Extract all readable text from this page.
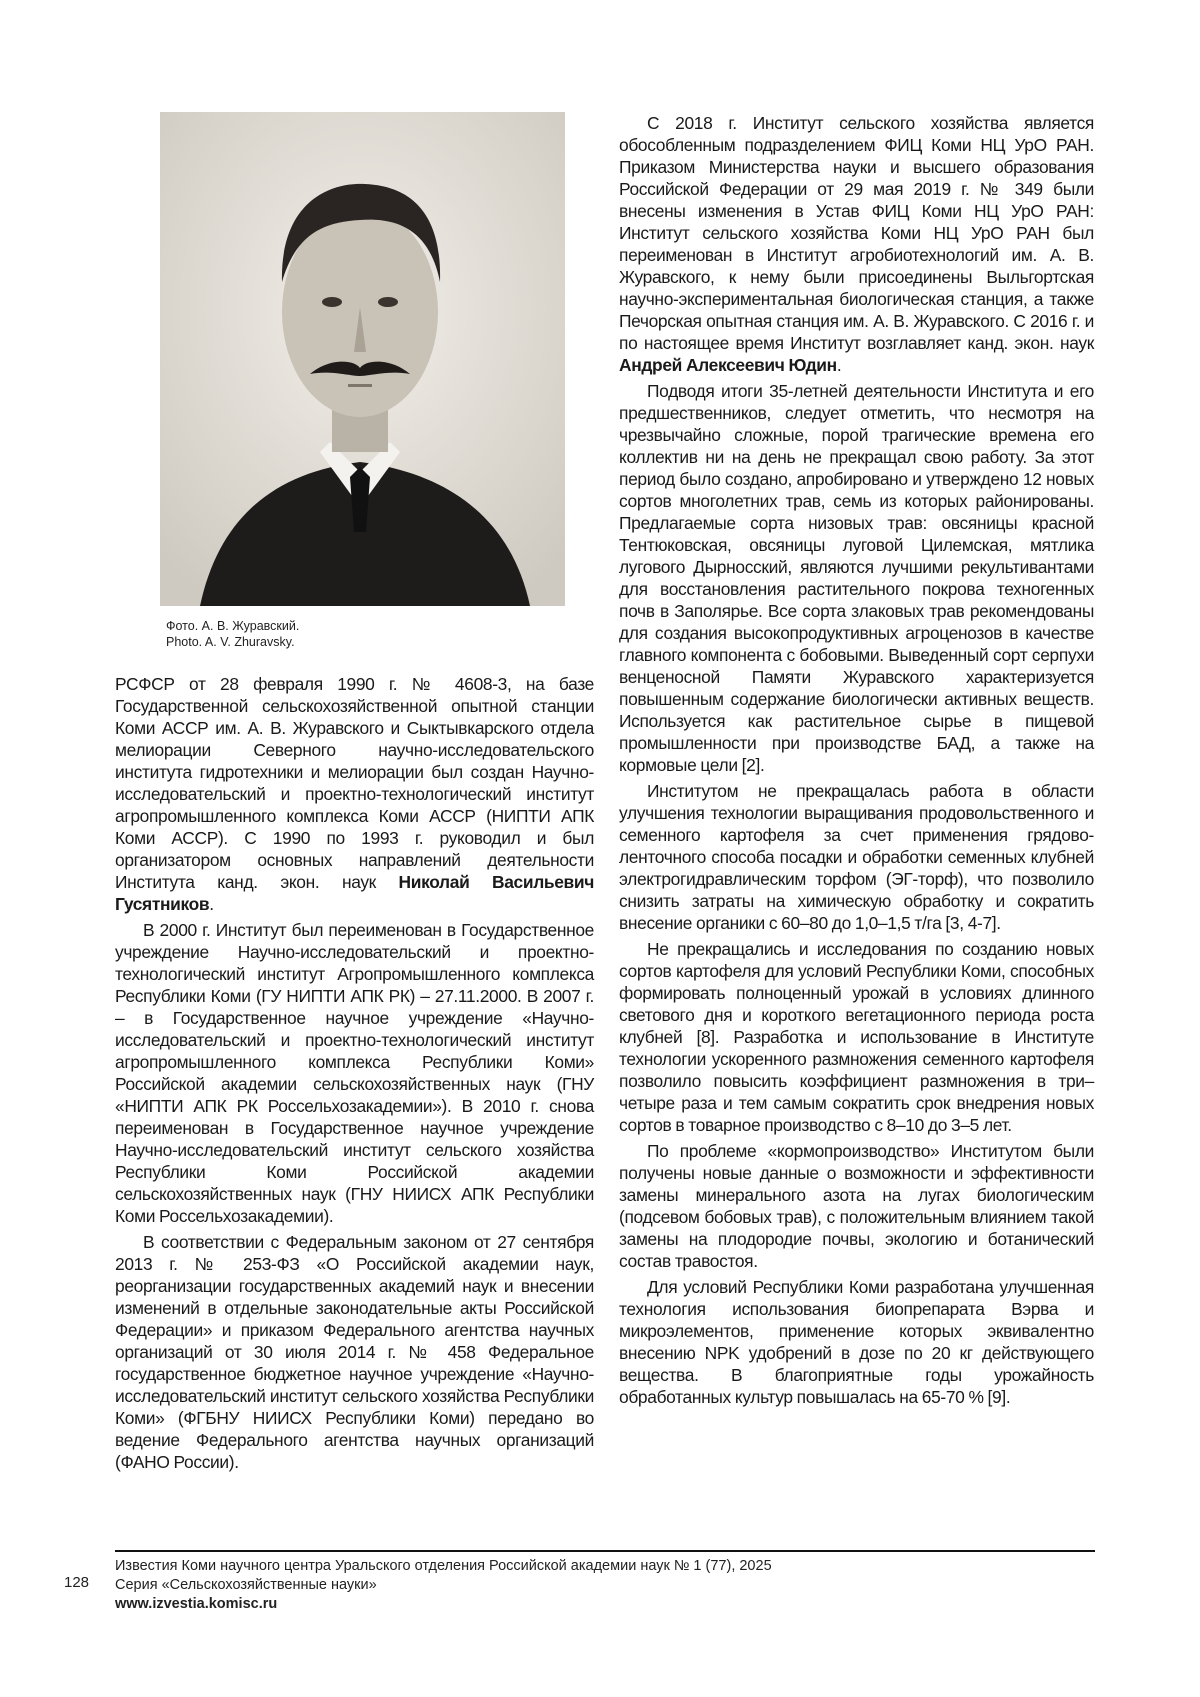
Фото. А. В. Журавский.
Photo. A. V. Zhuravsky.

РСФСР от 28 февраля 1990 г. № 4608-3, на базе Государственной сельскохозяйственной опытной станции Коми АССР им. А. В. Журавского и Сыктывкарского отдела мелиорации Северного научно-исследовательского института гидротехники и мелиорации был создан Научно-исследовательский и проектно-технологический институт агропромышленного комплекса Коми АССР (НИПТИ АПК Коми АССР). С 1990 по 1993 г. руководил и был организатором основных направлений деятельности Института канд. экон. наук Николай Васильевич Гусятников.

В 2000 г. Институт был переименован в Государственное учреждение Научно-исследовательский и проектно-технологический институт Агропромышленного комплекса Республики Коми (ГУ НИПТИ АПК РК) – 27.11.2000. В 2007 г. – в Государственное научное учреждение «Научно-исследовательский и проектно-технологический институт агропромышленного комплекса Республики Коми» Российской академии сельскохозяйственных наук (ГНУ «НИПТИ АПК РК Россельхозакадемии»). В 2010 г. снова переименован в Государственное научное учреждение Научно-исследовательский институт сельского хозяйства Республики Коми Российской академии сельскохозяйственных наук (ГНУ НИИСХ АПК Республики Коми Россельхозакадемии).

В соответствии с Федеральным законом от 27 сентября 2013 г. № 253-ФЗ «О Российской академии наук, реорганизации государственных академий наук и внесении изменений в отдельные законодательные акты Российской Федерации» и приказом Федерального агентства научных организаций от 30 июля 2014 г. № 458 Федеральное государственное бюджетное научное учреждение «Научно-исследовательский институт сельского хозяйства Республики Коми» (ФГБНУ НИИСХ Республики Коми) передано во ведение Федерального агентства научных организаций (ФАНО России).

С 2018 г. Институт сельского хозяйства является обособленным подразделением ФИЦ Коми НЦ УрО РАН. Приказом Министерства науки и высшего образования Российской Федерации от 29 мая 2019 г. № 349 были внесены изменения в Устав ФИЦ Коми НЦ УрО РАН: Институт сельского хозяйства Коми НЦ УрО РАН был переименован в Институт агробиотехнологий им. А. В. Журавского, к нему были присоединены Выльгортская научно-экспериментальная биологическая станция, а также Печорская опытная станция им. А. В. Журавского. С 2016 г. и по настоящее время Институт возглавляет канд. экон. наук Андрей Алексеевич Юдин.

Подводя итоги 35-летней деятельности Института и его предшественников, следует отметить, что несмотря на чрезвычайно сложные, порой трагические времена его коллектив ни на день не прекращал свою работу. За этот период было создано, апробировано и утверждено 12 новых сортов многолетних трав, семь из которых районированы. Предлагаемые сорта низовых трав: овсяницы красной Тентюковская, овсяницы луговой Цилемская, мятлика лугового Дырносский, являются лучшими рекультивантами для восстановления растительного покрова техногенных почв в Заполярье. Все сорта злаковых трав рекомендованы для создания высокопродуктивных агроценозов в качестве главного компонента с бобовыми. Выведенный сорт серпухи венценосной Памяти Журавского характеризуется повышенным содержание биологически активных веществ. Используется как растительное сырье в пищевой промышленности при производстве БАД, а также на кормовые цели [2].

Институтом не прекращалась работа в области улучшения технологии выращивания продовольственного и семенного картофеля за счет применения грядово-ленточного способа посадки и обработки семенных клубней электрогидравлическим торфом (ЭГ-торф), что позволило снизить затраты на химическую обработку и сократить внесение органики с 60–80 до 1,0–1,5 т/га [3, 4-7].

Не прекращались и исследования по созданию новых сортов картофеля для условий Республики Коми, способных формировать полноценный урожай в условиях длинного светового дня и короткого вегетационного периода роста клубней [8]. Разработка и использование в Институте технологии ускоренного размножения семенного картофеля позволило повысить коэффициент размножения в три–четыре раза и тем самым сократить срок внедрения новых сортов в товарное производство с 8–10 до 3–5 лет.

По проблеме «кормопроизводство» Институтом были получены новые данные о возможности и эффективности замены минерального азота на лугах биологическим (подсевом бобовых трав), с положительным влиянием такой замены на плодородие почвы, экологию и ботанический состав травостоя.

Для условий Республики Коми разработана улучшенная технология использования биопрепарата Вэрва и микроэлементов, применение которых эквивалентно внесению NPK удобрений в дозе по 20 кг действующего вещества. В благоприятные годы урожайность обработанных культур повышалась на 65-70 % [9].

128
Известия Коми научного центра Уральского отделения Российской академии наук № 1 (77), 2025
Серия «Сельскохозяйственные науки»
www.izvestia.komisc.ru
